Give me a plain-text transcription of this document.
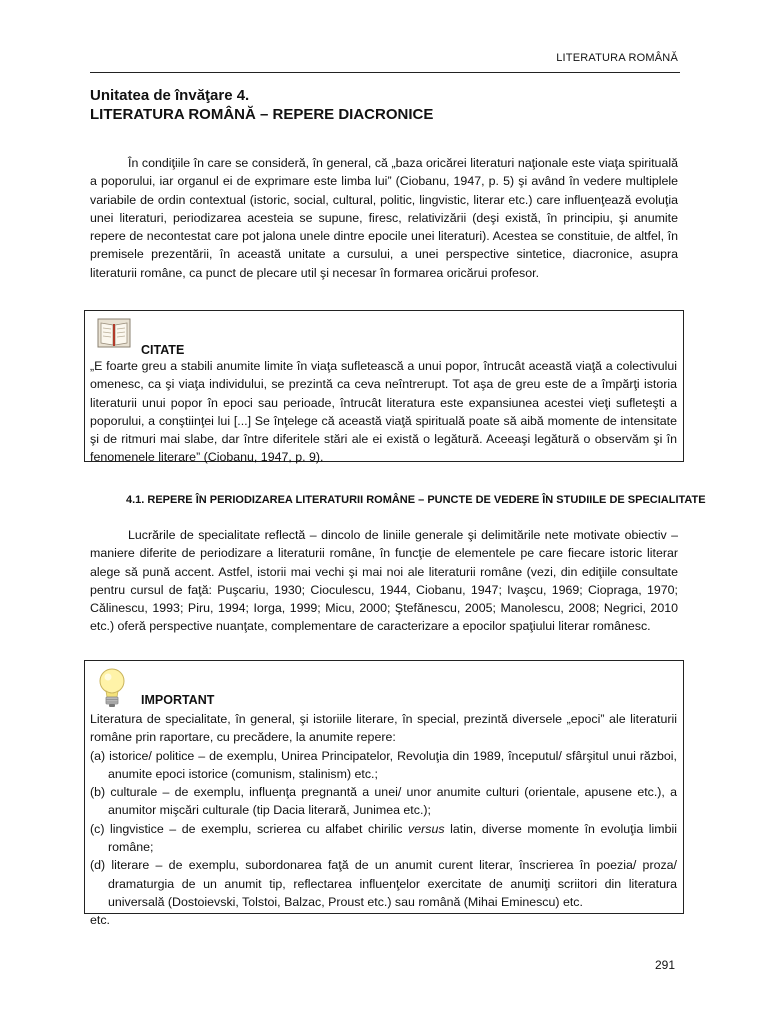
LITERATURA ROMÂNĂ
Unitatea de învăţare 4.
LITERATURA ROMÂNĂ – REPERE DIACRONICE
În condiţiile în care se consideră, în general, că „baza oricărei literaturi naţionale este viaţa spirituală a poporului, iar organul ei de exprimare este limba lui” (Ciobanu, 1947, p. 5) şi având în vedere multiplele variabile de ordin contextual (istoric, social, cultural, politic, lingvistic, literar etc.) care influenţează evoluţia unei literaturi, periodizarea acesteia se supune, firesc, relativizării (deşi există, în principiu, şi anumite repere de necontestat care pot jalona unele dintre epocile unei literaturi). Acestea se constituie, de altfel, în premisele prezentării, în această unitate a cursului, a unei perspective sintetice, diacronice, asupra literaturii române, ca punct de plecare util şi necesar în formarea oricărui profesor.
CITATE
„E foarte greu a stabili anumite limite în viaţa sufletească a unui popor, întrucât această viaţă a colectivului omenesc, ca şi viaţa individului, se prezintă ca ceva neîntrerupt. Tot aşa de greu este de a împărţi istoria literaturii unui popor în epoci sau perioade, întrucât literatura este expansiunea acestei vieţi sufleteşti a poporului, a conştiinţei lui [...] Se înţelege că această viaţă spirituală poate să aibă momente de intensitate şi de ritmuri mai slabe, dar între diferitele stări ale ei există o legătură. Aceeaşi legătură o observăm şi în fenomenele literare” (Ciobanu, 1947, p. 9).
4.1. REPERE ÎN PERIODIZAREA LITERATURII ROMÂNE – PUNCTE DE VEDERE ÎN STUDIILE DE SPECIALITATE
Lucrările de specialitate reflectă – dincolo de liniile generale şi delimitările nete motivate obiectiv – maniere diferite de periodizare a literaturii române, în funcţie de elementele pe care fiecare istoric literar alege să pună accent. Astfel, istorii mai vechi şi mai noi ale literaturii române (vezi, din ediţiile consultate pentru cursul de faţă: Puşcariu, 1930; Cioculescu, 1944, Ciobanu, 1947; Ivaşcu, 1969; Ciopraga, 1970; Călinescu, 1993; Piru, 1994; Iorga, 1999; Micu, 2000; Ştefănescu, 2005; Manolescu, 2008; Negrici, 2010 etc.) oferă perspective nuanţate, complementare de caracterizare a epocilor spaţiului literar românesc.
IMPORTANT
Literatura de specialitate, în general, şi istoriile literare, în special, prezintă diversele „epoci” ale literaturii române prin raportare, cu precădere, la anumite repere:
(a) istorice/ politice – de exemplu, Unirea Principatelor, Revoluţia din 1989, începutul/ sfârşitul unui război, anumite epoci istorice (comunism, stalinism) etc.;
(b) culturale – de exemplu, influenţa pregnantă a unei/ unor anumite culturi (orientale, apusene etc.), a anumitor mişcări culturale (tip Dacia literară, Junimea etc.);
(c) lingvistice – de exemplu, scrierea cu alfabet chirilic versus latin, diverse momente în evoluţia limbii române;
(d) literare – de exemplu, subordonarea faţă de un anumit curent literar, înscrierea în poezia/ proza/ dramaturgia de un anumit tip, reflectarea influenţelor exercitate de anumiţi scriitori din literatura universală (Dostoievski, Tolstoi, Balzac, Proust etc.) sau română (Mihai Eminescu) etc.
etc.
291
